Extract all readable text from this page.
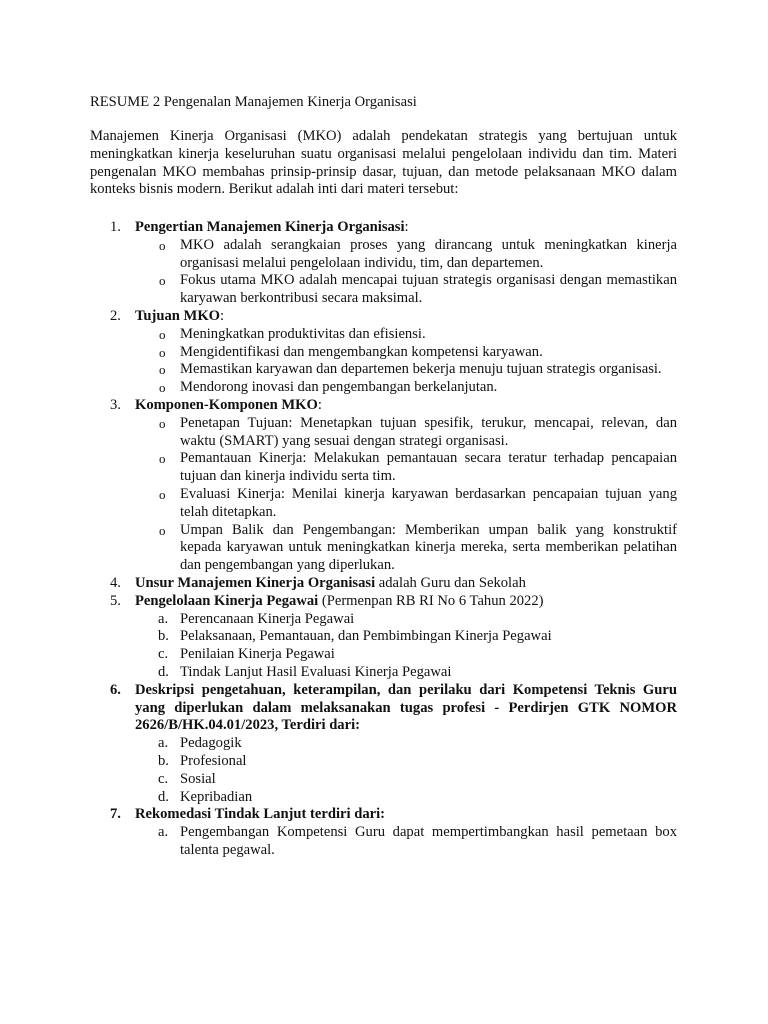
RESUME 2 Pengenalan Manajemen Kinerja Organisasi
Manajemen Kinerja Organisasi (MKO) adalah pendekatan strategis yang bertujuan untuk meningkatkan kinerja keseluruhan suatu organisasi melalui pengelolaan individu dan tim. Materi pengenalan MKO membahas prinsip-prinsip dasar, tujuan, dan metode pelaksanaan MKO dalam konteks bisnis modern. Berikut adalah inti dari materi tersebut:
1. Pengertian Manajemen Kinerja Organisasi:
o MKO adalah serangkaian proses yang dirancang untuk meningkatkan kinerja organisasi melalui pengelolaan individu, tim, dan departemen.
o Fokus utama MKO adalah mencapai tujuan strategis organisasi dengan memastikan karyawan berkontribusi secara maksimal.
2. Tujuan MKO:
o Meningkatkan produktivitas dan efisiensi.
o Mengidentifikasi dan mengembangkan kompetensi karyawan.
o Memastikan karyawan dan departemen bekerja menuju tujuan strategis organisasi.
o Mendorong inovasi dan pengembangan berkelanjutan.
3. Komponen-Komponen MKO:
o Penetapan Tujuan: Menetapkan tujuan spesifik, terukur, mencapai, relevan, dan waktu (SMART) yang sesuai dengan strategi organisasi.
o Pemantauan Kinerja: Melakukan pemantauan secara teratur terhadap pencapaian tujuan dan kinerja individu serta tim.
o Evaluasi Kinerja: Menilai kinerja karyawan berdasarkan pencapaian tujuan yang telah ditetapkan.
o Umpan Balik dan Pengembangan: Memberikan umpan balik yang konstruktif kepada karyawan untuk meningkatkan kinerja mereka, serta memberikan pelatihan dan pengembangan yang diperlukan.
4. Unsur Manajemen Kinerja Organisasi adalah Guru dan Sekolah
5. Pengelolaan Kinerja Pegawai (Permenpan RB RI No 6 Tahun 2022)
a. Perencanaan Kinerja Pegawai
b. Pelaksanaan, Pemantauan, dan Pembimbingan Kinerja Pegawai
c. Penilaian Kinerja Pegawai
d. Tindak Lanjut Hasil Evaluasi Kinerja Pegawai
6. Deskripsi pengetahuan, keterampilan, dan perilaku dari Kompetensi Teknis Guru yang diperlukan dalam melaksanakan tugas profesi - Perdirjen GTK NOMOR 2626/B/HK.04.01/2023, Terdiri dari:
a. Pedagogik
b. Profesional
c. Sosial
d. Kepribadian
7. Rekomedasi Tindak Lanjut terdiri dari:
a. Pengembangan Kompetensi Guru dapat mempertimbangkan hasil pemetaan box talenta pegawal.
